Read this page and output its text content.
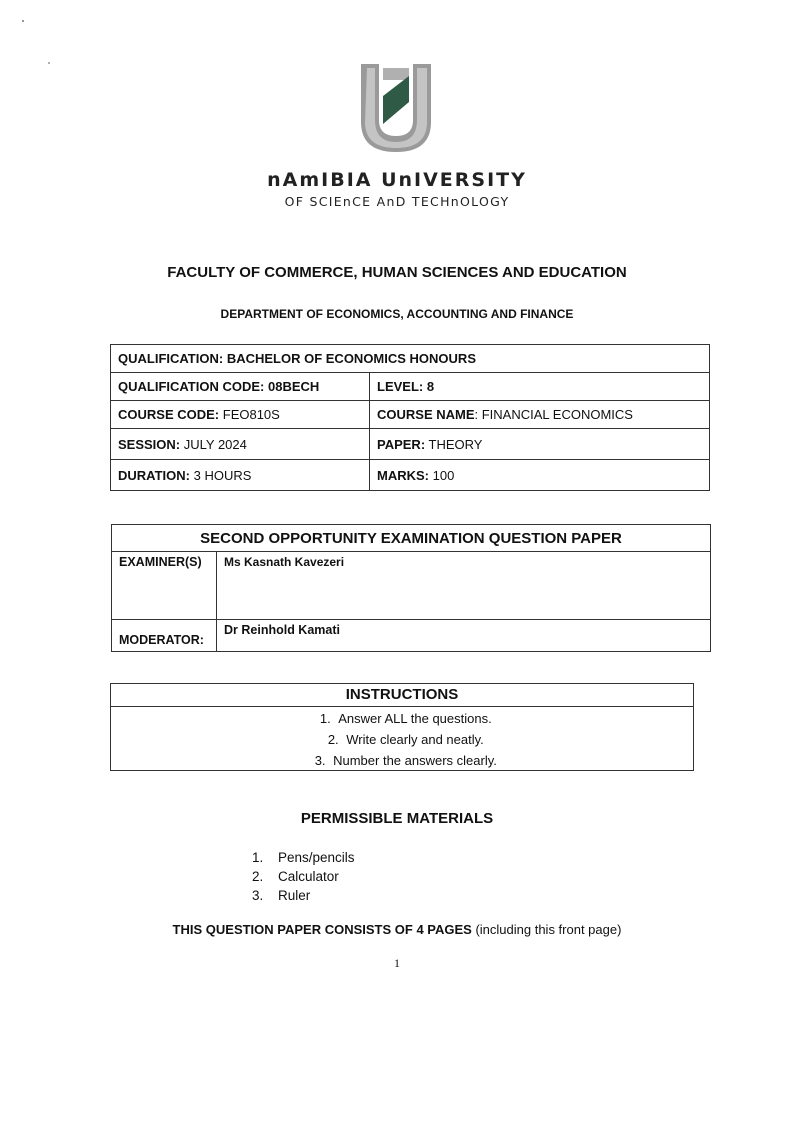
nAmIBIA UnIVERSITY
OF SCIEnCE AnD TECHnOLOGY
FACULTY OF COMMERCE, HUMAN SCIENCES AND EDUCATION
DEPARTMENT OF ECONOMICS, ACCOUNTING AND FINANCE
QUALIFICATION: BACHELOR OF ECONOMICS HONOURS	
QUALIFICATION CODE: 08BECH	LEVEL: 8
COURSE CODE: FEO810S	COURSE NAME: FINANCIAL ECONOMICS
SESSION: JULY 2024	PAPER: THEORY
DURATION: 3 HOURS	MARKS: 100
SECOND OPPORTUNITY EXAMINATION QUESTION PAPER	
EXAMINER(S)	Ms Kasnath Kavezeri
MODERATOR:	Dr Reinhold Kamati
INSTRUCTIONS
1. Answer ALL the questions.
2. Write clearly and neatly.
3. Number the answers clearly.
PERMISSIBLE MATERIALS
1. Pens/pencils
2. Calculator
3. Ruler
THIS QUESTION PAPER CONSISTS OF 4 PAGES (including this front page)
1
